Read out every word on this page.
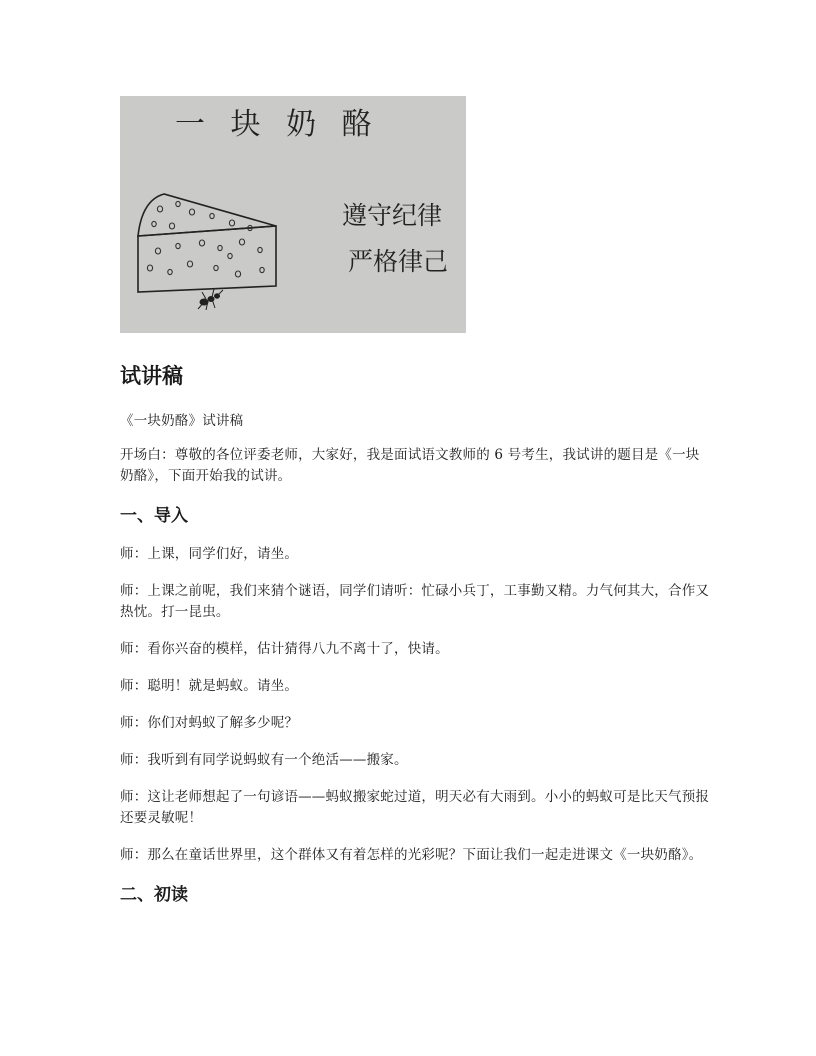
一 块 奶 酪
遵守纪律
严格律己
试讲稿

《一块奶酪》试讲稿

开场白：尊敬的各位评委老师，大家好，我是面试语文教师的 6 号考生，我试讲的题目是《一块奶酪》，下面开始我的试讲。

一、导入

师：上课，同学们好，请坐。

师：上课之前呢，我们来猜个谜语，同学们请听：忙碌小兵丁，工事勤又精。力气何其大，合作又热忱。打一昆虫。

师：看你兴奋的模样，估计猜得八九不离十了，快请。

师：聪明！就是蚂蚁。请坐。

师：你们对蚂蚁了解多少呢？

师：我听到有同学说蚂蚁有一个绝活——搬家。

师：这让老师想起了一句谚语——蚂蚁搬家蛇过道，明天必有大雨到。小小的蚂蚁可是比天气预报还要灵敏呢！

师：那么在童话世界里，这个群体又有着怎样的光彩呢？下面让我们一起走进课文《一块奶酪》。

二、初读
